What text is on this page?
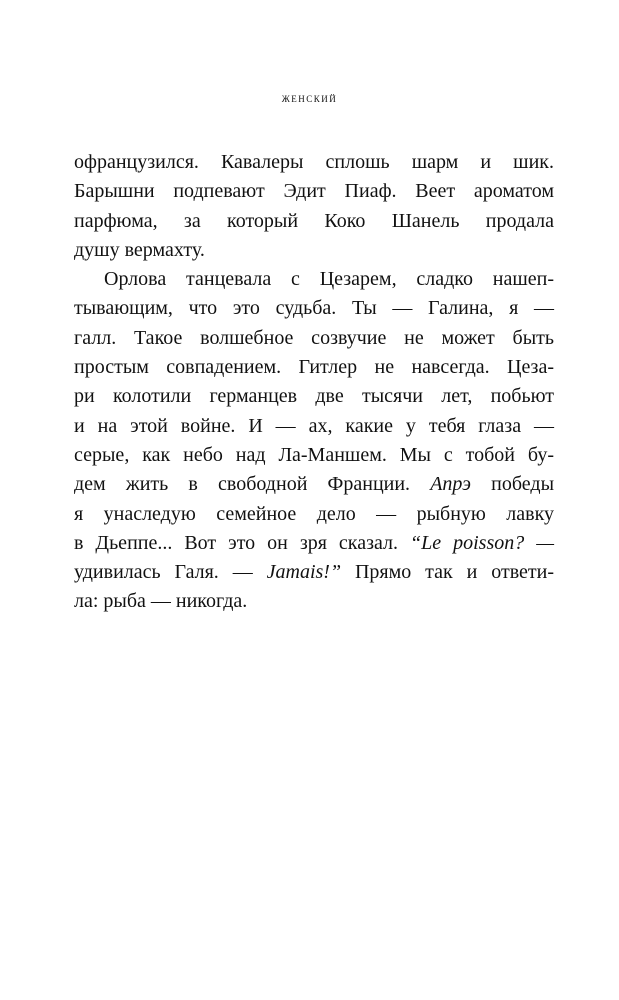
женский
офранцузился. Кавалеры сплошь шарм и шик.
Барышни подпевают Эдит Пиаф. Веет ароматом
парфюма, за который Коко Шанель продала
душу вермахту.
Орлова танцевала с Цезарем, сладко нашеп-
тывающим, что это судьба. Ты — Галина, я —
галл. Такое волшебное созвучие не может быть
простым совпадением. Гитлер не навсегда. Цеза-
ри колотили германцев две тысячи лет, побьют
и на этой войне. И — ах, какие у тебя глаза —
серые, как небо над Ла-Маншем. Мы с тобой бу-
дем жить в свободной Франции. Апрэ победы
я унаследую семейное дело — рыбную лавку
в Дьеппе... Вот это он зря сказал. “Le poisson? —
удивилась Галя. — Jamais!” Прямо так и ответи-
ла: рыба — никогда.
